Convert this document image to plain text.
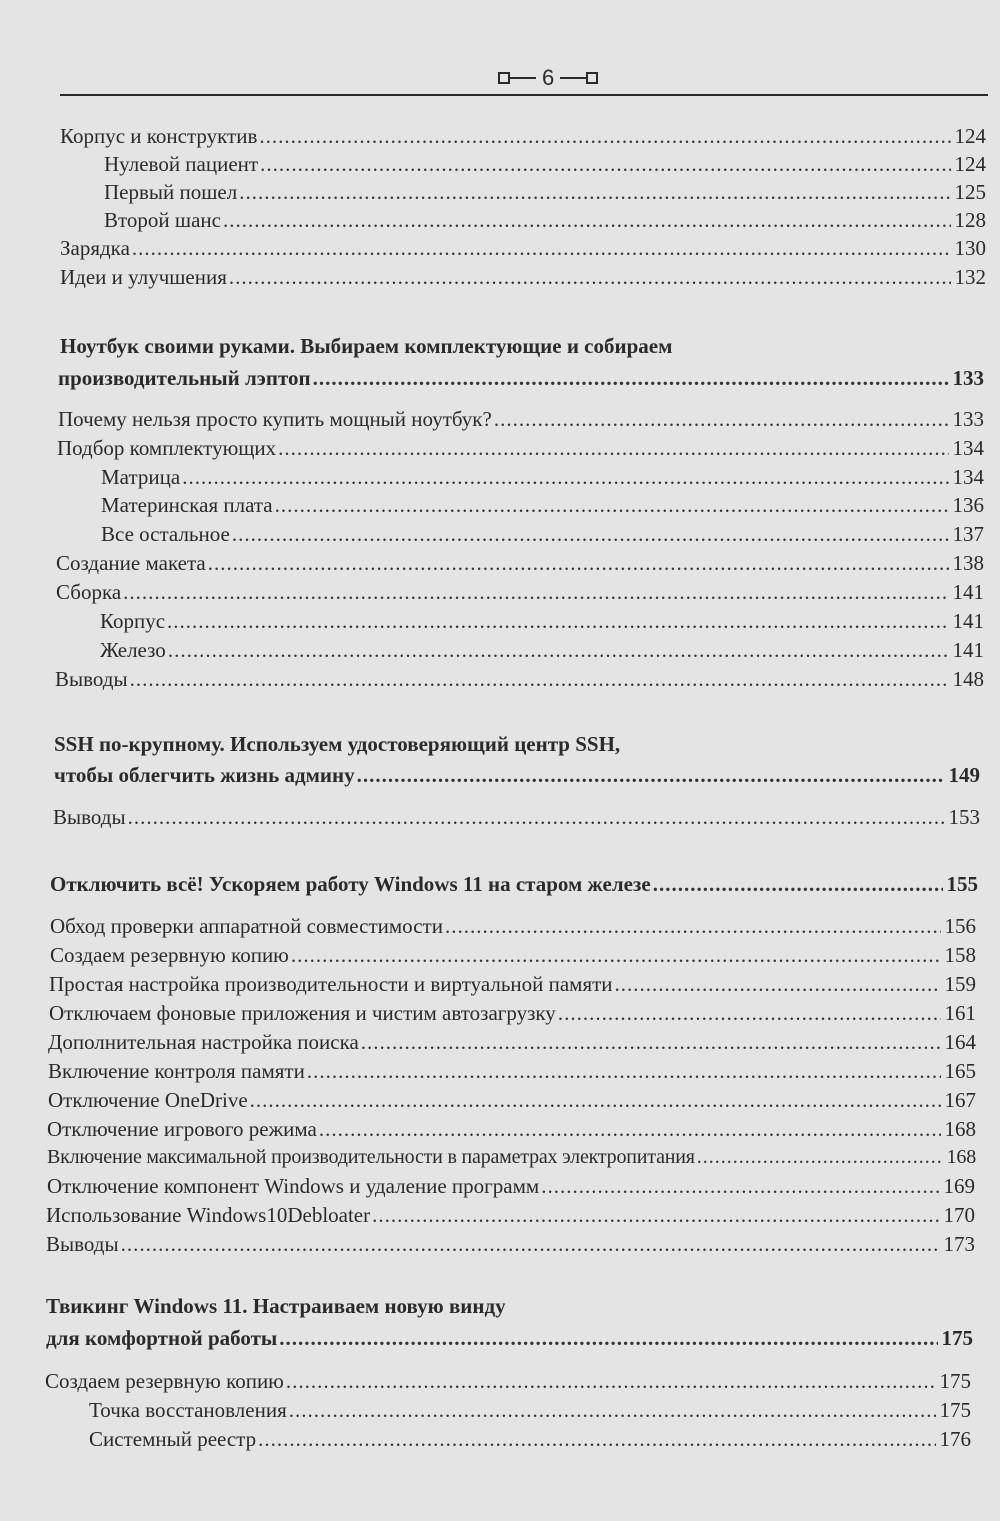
6
Корпус и конструктив .....	124
Нулевой пациент .....	124
Первый пошел .....	125
Второй шанс .....	128
Зарядка .....	130
Идеи и улучшения .....	132
Ноутбук своими руками. Выбираем комплектующие и собираем
производительный лэптоп .....	133
Почему нельзя просто купить мощный ноутбук? .....	133
Подбор комплектующих .....	134
Матрица .....	134
Материнская плата .....	136
Все остальное .....	137
Создание макета .....	138
Сборка .....	141
Корпус .....	141
Железо .....	141
Выводы .....	148
SSH по-крупному. Используем удостоверяющий центр SSH,
чтобы облегчить жизнь админу .....	149
Выводы .....	153
Отключить всё! Ускоряем работу Windows 11 на старом железе .....	155
Обход проверки аппаратной совместимости .....	156
Создаем резервную копию .....	158
Простая настройка производительности и виртуальной памяти .....	159
Отключаем фоновые приложения и чистим автозагрузку .....	161
Дополнительная настройка поиска .....	164
Включение контроля памяти .....	165
Отключение OneDrive .....	167
Отключение игрового режима .....	168
Включение максимальной производительности в параметрах электропитания .....	168
Отключение компонент Windows и удаление программ .....	169
Использование Windows10Debloater .....	170
Выводы .....	173
Твикинг Windows 11. Настраиваем новую винду
для комфортной работы .....	175
Создаем резервную копию .....	175
Точка восстановления .....	175
Системный реестр .....	176
